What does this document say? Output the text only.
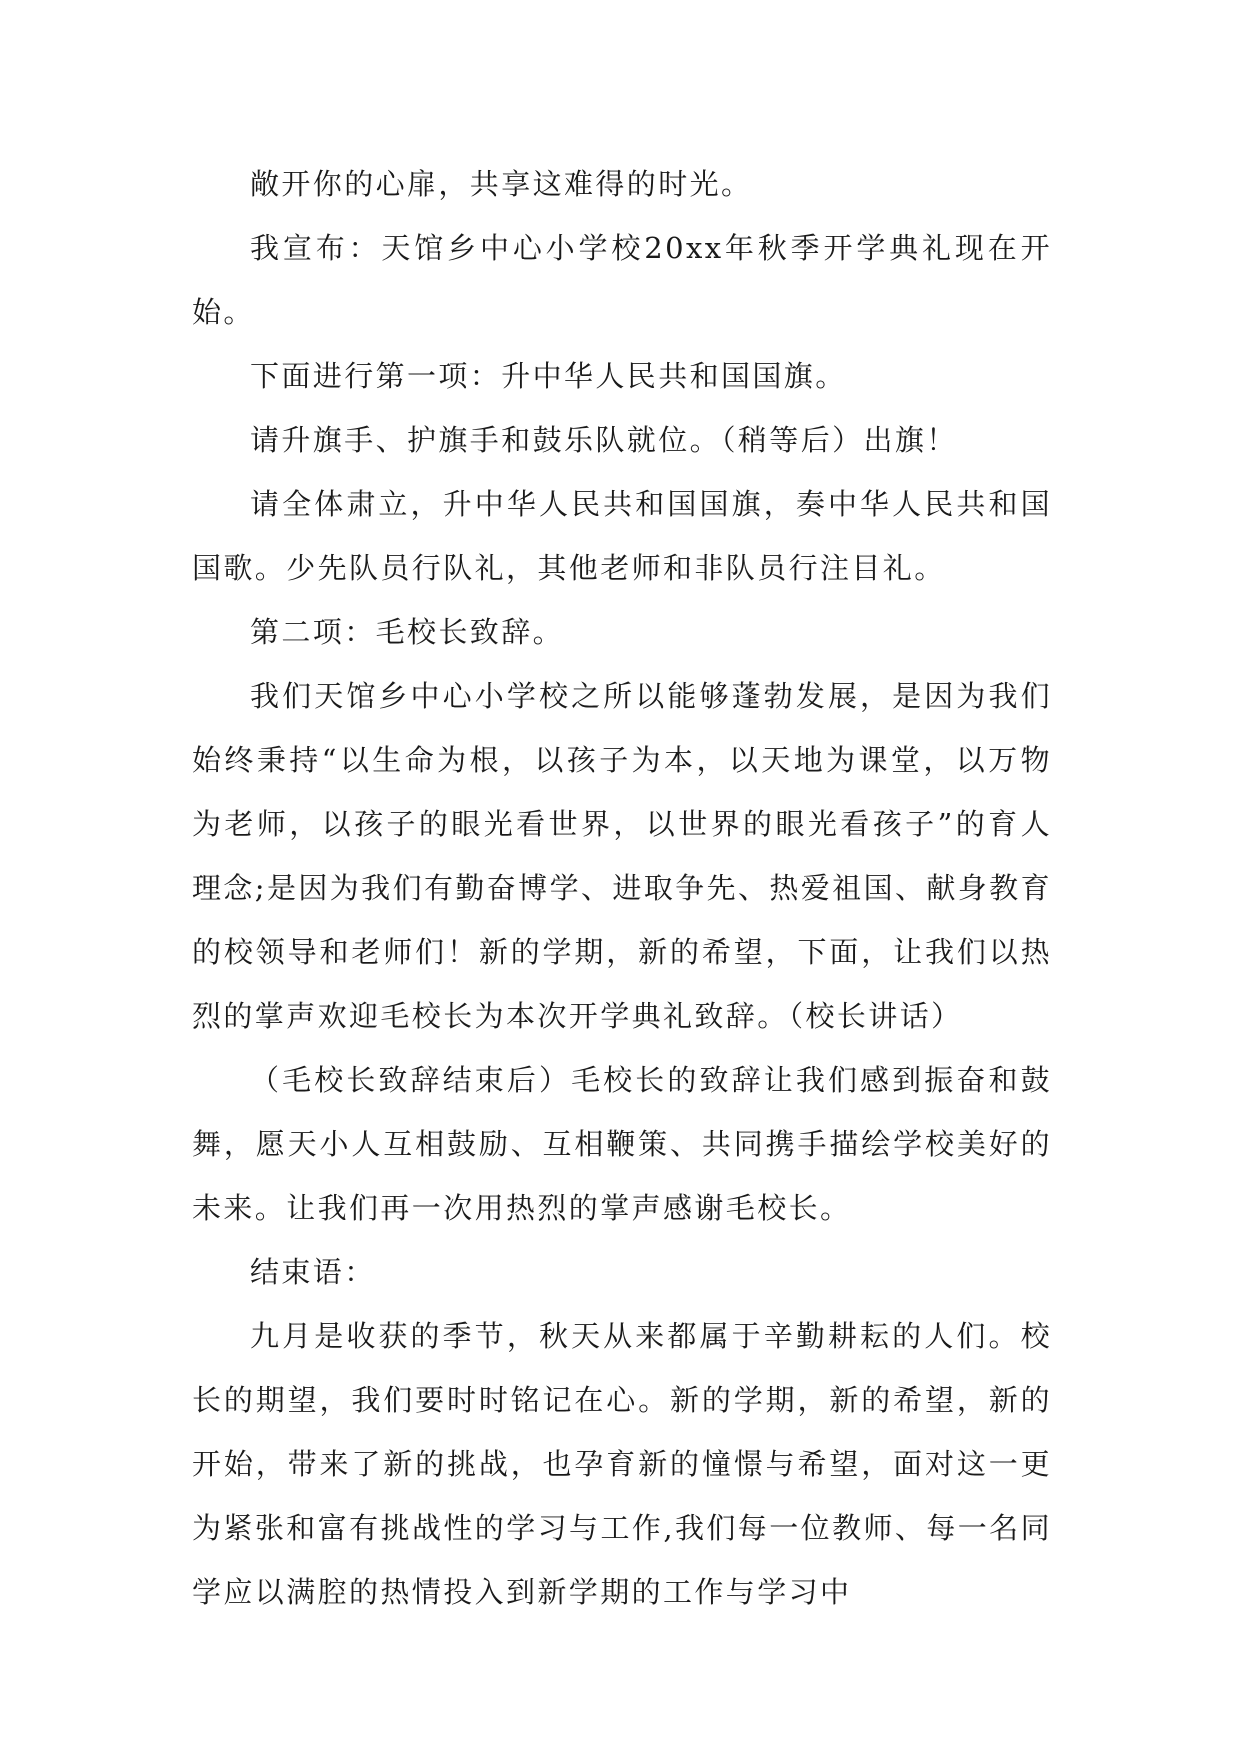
敞开你的心扉，共享这难得的时光。

我宣布：天馆乡中心小学校20xx年秋季开学典礼现在开始。

下面进行第一项：升中华人民共和国国旗。

请升旗手、护旗手和鼓乐队就位。（稍等后）出旗！

请全体肃立，升中华人民共和国国旗，奏中华人民共和国国歌。少先队员行队礼，其他老师和非队员行注目礼。

第二项：毛校长致辞。

我们天馆乡中心小学校之所以能够蓬勃发展，是因为我们始终秉持“以生命为根，以孩子为本，以天地为课堂，以万物为老师，以孩子的眼光看世界，以世界的眼光看孩子”的育人理念;是因为我们有勤奋博学、进取争先、热爱祖国、献身教育的校领导和老师们！新的学期，新的希望，下面，让我们以热烈的掌声欢迎毛校长为本次开学典礼致辞。（校长讲话）

（毛校长致辞结束后）毛校长的致辞让我们感到振奋和鼓舞，愿天小人互相鼓励、互相鞭策、共同携手描绘学校美好的未来。让我们再一次用热烈的掌声感谢毛校长。

结束语：

九月是收获的季节，秋天从来都属于辛勤耕耘的人们。校长的期望，我们要时时铭记在心。新的学期，新的希望，新的开始，带来了新的挑战，也孕育新的憧憬与希望，面对这一更为紧张和富有挑战性的学习与工作,我们每一位教师、每一名同学应以满腔的热情投入到新学期的工作与学习中
